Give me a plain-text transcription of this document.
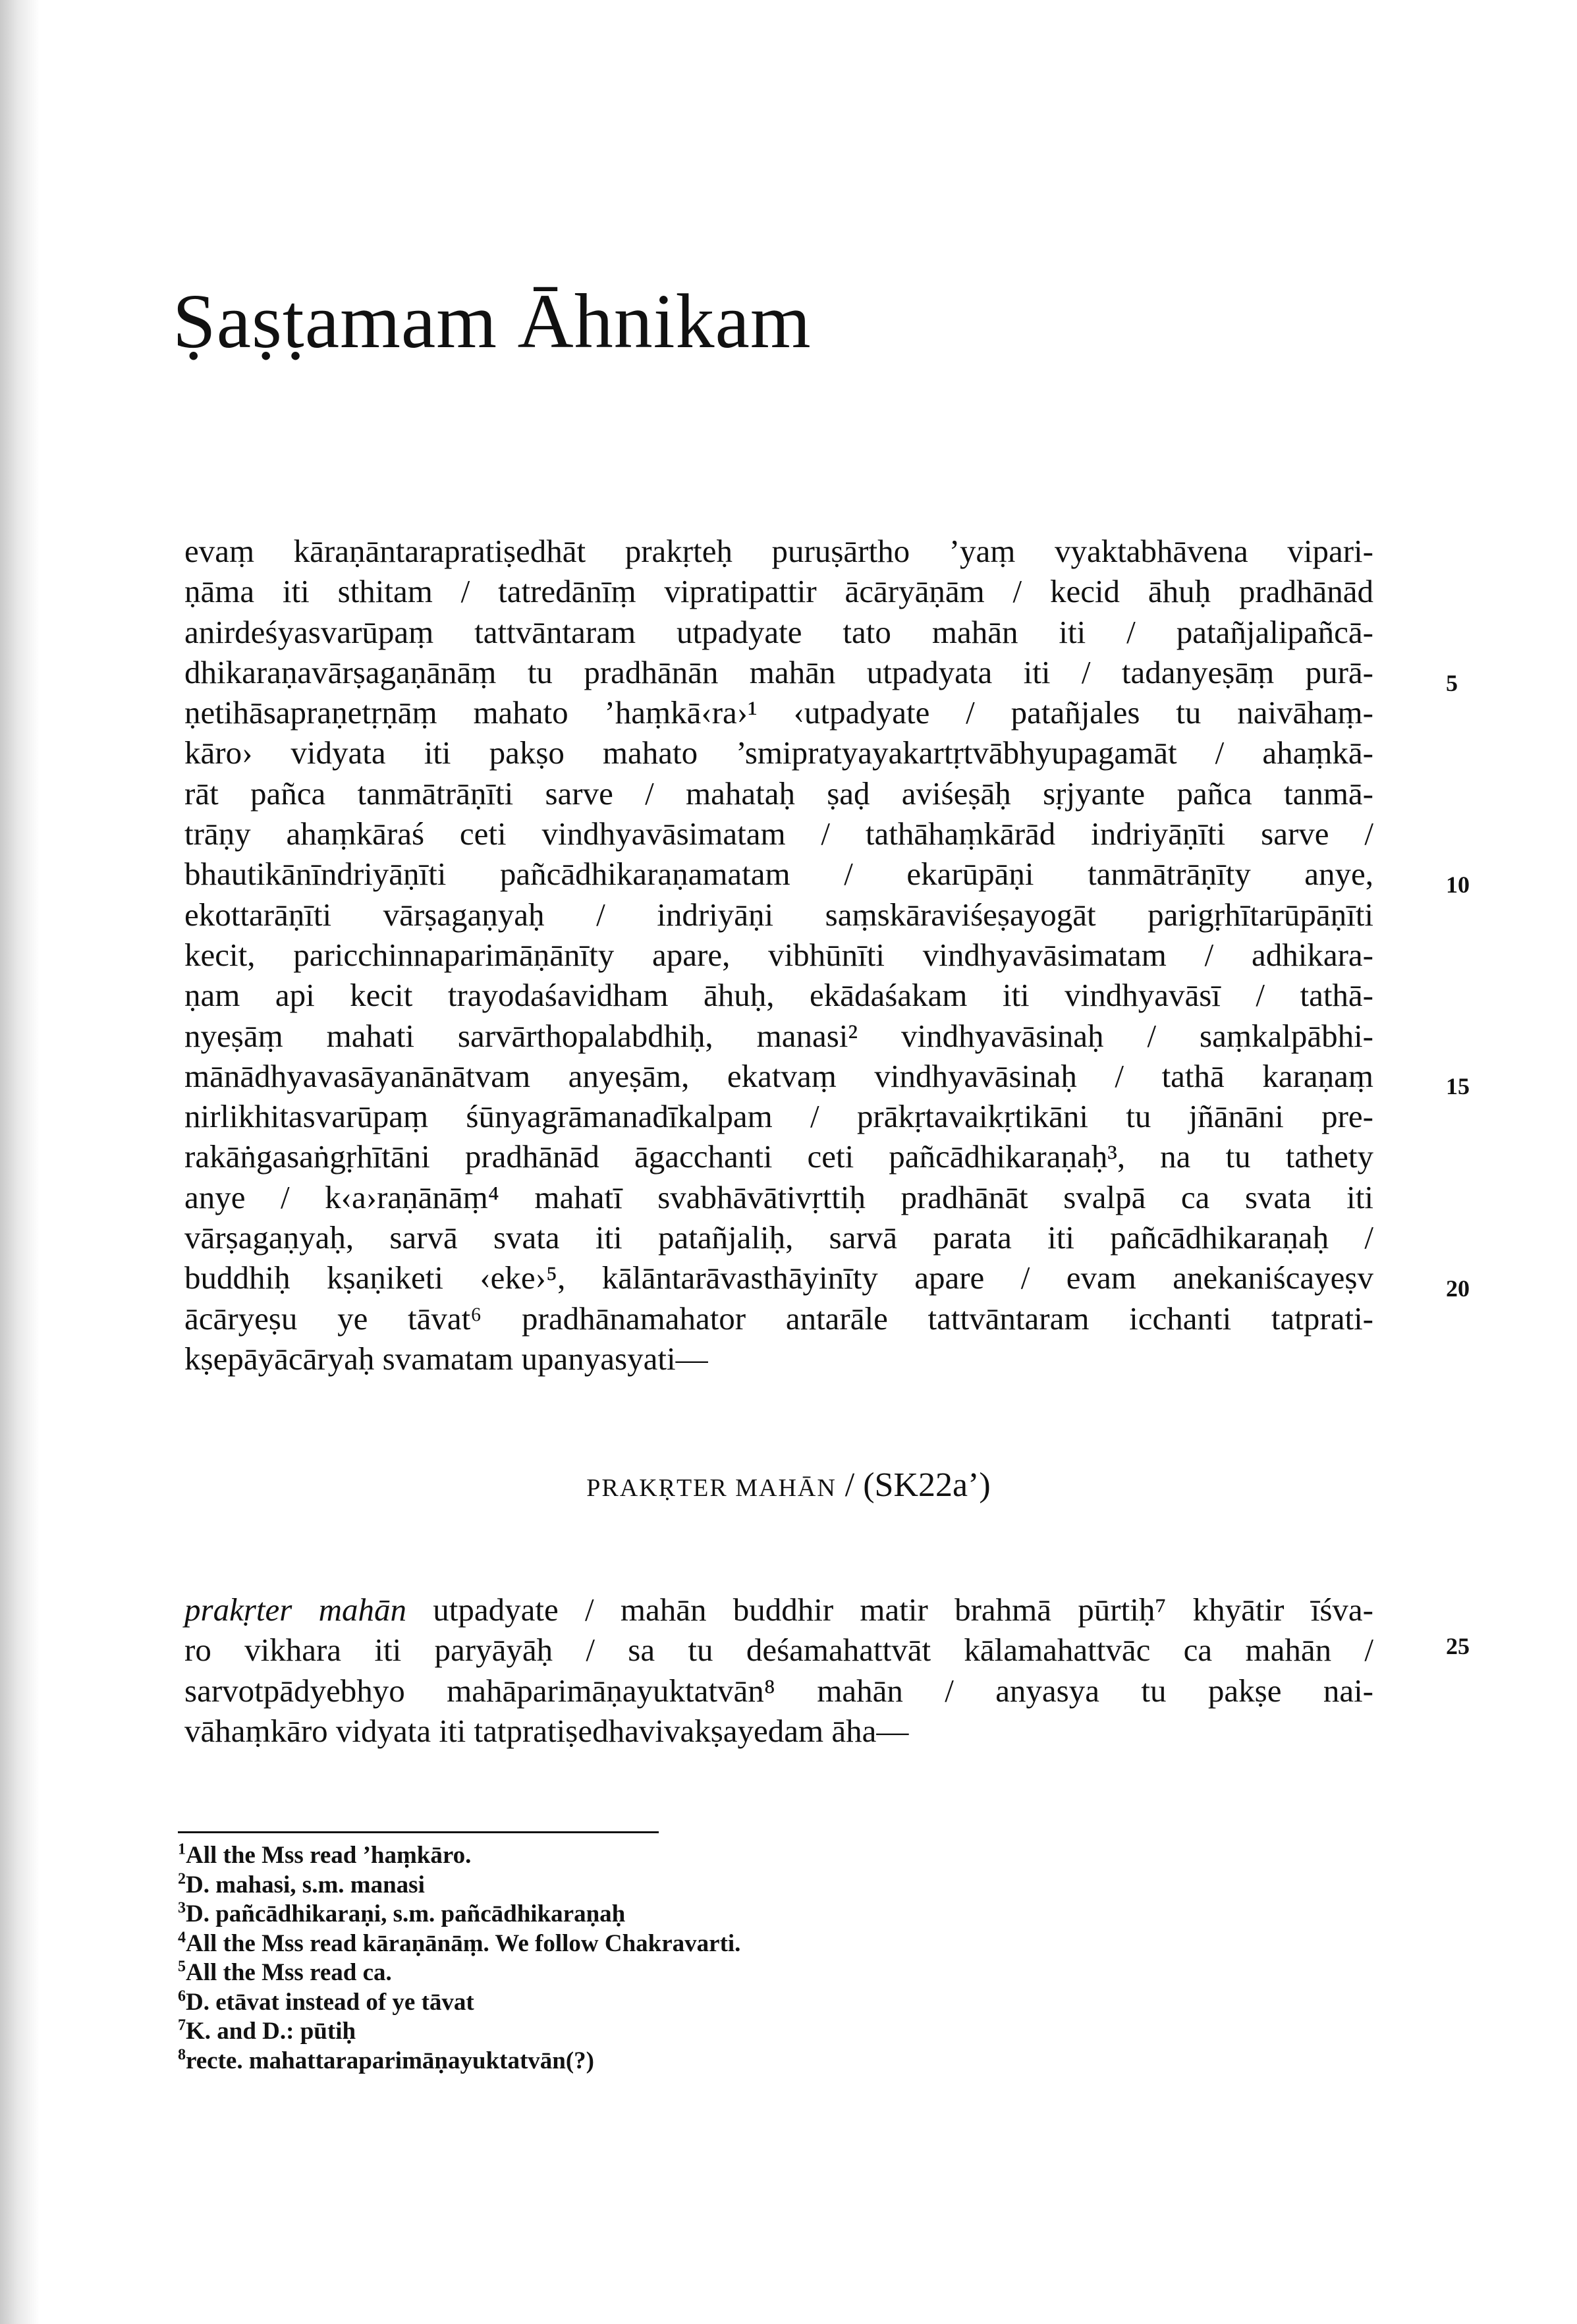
Ṣaṣṭamam Āhnikam
evaṃ kāraṇāntarapratiṣedhāt prakṛteḥ puruṣārtho ’yaṃ vyaktabhāvena vipari-
ṇāma iti sthitam / tatredānīṃ vipratipattir ācāryāṇām / kecid āhuḥ pradhānād
anirdeśyasvarūpaṃ tattvāntaram utpadyate tato mahān iti / patañjalipañcā-
dhikaraṇavārṣagaṇānāṃ tu pradhānān mahān utpadyata iti / tadanyeṣāṃ purā-
ṇetihāsapraṇetṛṇāṃ mahato ’haṃkā‹ra›¹ ‹utpadyate / patañjales tu naivāhaṃ-
kāro› vidyata iti pakṣo mahato ’smipratyayakartṛtvābhyupagamāt / ahaṃkā-
rāt pañca tanmātrāṇīti sarve / mahataḥ ṣaḍ aviśeṣāḥ sṛjyante pañca tanmā-
trāṇy ahaṃkāraś ceti vindhyavāsimatam / tathāhaṃkārād indriyāṇīti sarve /
bhautikānīndriyāṇīti pañcādhikaraṇamatam / ekarūpāṇi tanmātrāṇīty anye,
ekottarāṇīti vārṣagaṇyaḥ / indriyāṇi saṃskāraviśeṣayogāt parigṛhītarūpāṇīti
kecit, paricchinnaparimāṇānīty apare, vibhūnīti vindhyavāsimatam / adhikara-
ṇam api kecit trayodaśavidham āhuḥ, ekādaśakam iti vindhyavāsī / tathā-
nyeṣāṃ mahati sarvārthopalabdhiḥ, manasi² vindhyavāsinaḥ / saṃkalpābhi-
mānādhyavasāyanānātvam anyeṣām, ekatvaṃ vindhyavāsinaḥ / tathā karaṇaṃ
nirlikhitasvarūpaṃ śūnyagrāmanadīkalpam / prākṛtavaikṛtikāni tu jñānāni pre-
rakāṅgasaṅgṛhītāni pradhānād āgacchanti ceti pañcādhikaraṇaḥ³, na tu tathety
anye / k‹a›raṇānāṃ⁴ mahatī svabhāvātivṛttiḥ pradhānāt svalpā ca svata iti
vārṣagaṇyaḥ, sarvā svata iti patañjaliḥ, sarvā parata iti pañcādhikaraṇaḥ /
buddhiḥ kṣaṇiketi ‹eke›⁵, kālāntarāvasthāyinīty apare / evam anekaniścayeṣv
ācāryeṣu ye tāvat⁶ pradhānamahator antarāle tattvāntaram icchanti tatprati-
kṣepāyācāryaḥ svamatam upanyasyati—

PRAKṚTER MAHĀN / (SK22a’)

prakṛter mahān utpadyate / mahān buddhir matir brahmā pūrtiḥ⁷ khyātir īśva-
ro vikhara iti paryāyāḥ / sa tu deśamahattvāt kālamahattvāc ca mahān /
sarvotpādyebhyo mahāparimāṇayuktatvān⁸ mahān / anyasya tu pakṣe nai-
vāhaṃkāro vidyata iti tatpratiṣedhavivakṣayedam āha—
5
10
15
20
25
$^1$All the Mss read ’haṃkāro.
$^2$D. mahasi, s.m. manasi
$^3$D. pañcādhikaraṇi, s.m. pañcādhikaraṇaḥ
$^4$All the Mss read kāraṇānāṃ. We follow Chakravarti.
$^5$All the Mss read ca.
$^6$D. etāvat instead of ye tāvat
$^7$K. and D.: pūtiḥ
$^8$recte. mahattaraparimāṇayuktatvān(?)
